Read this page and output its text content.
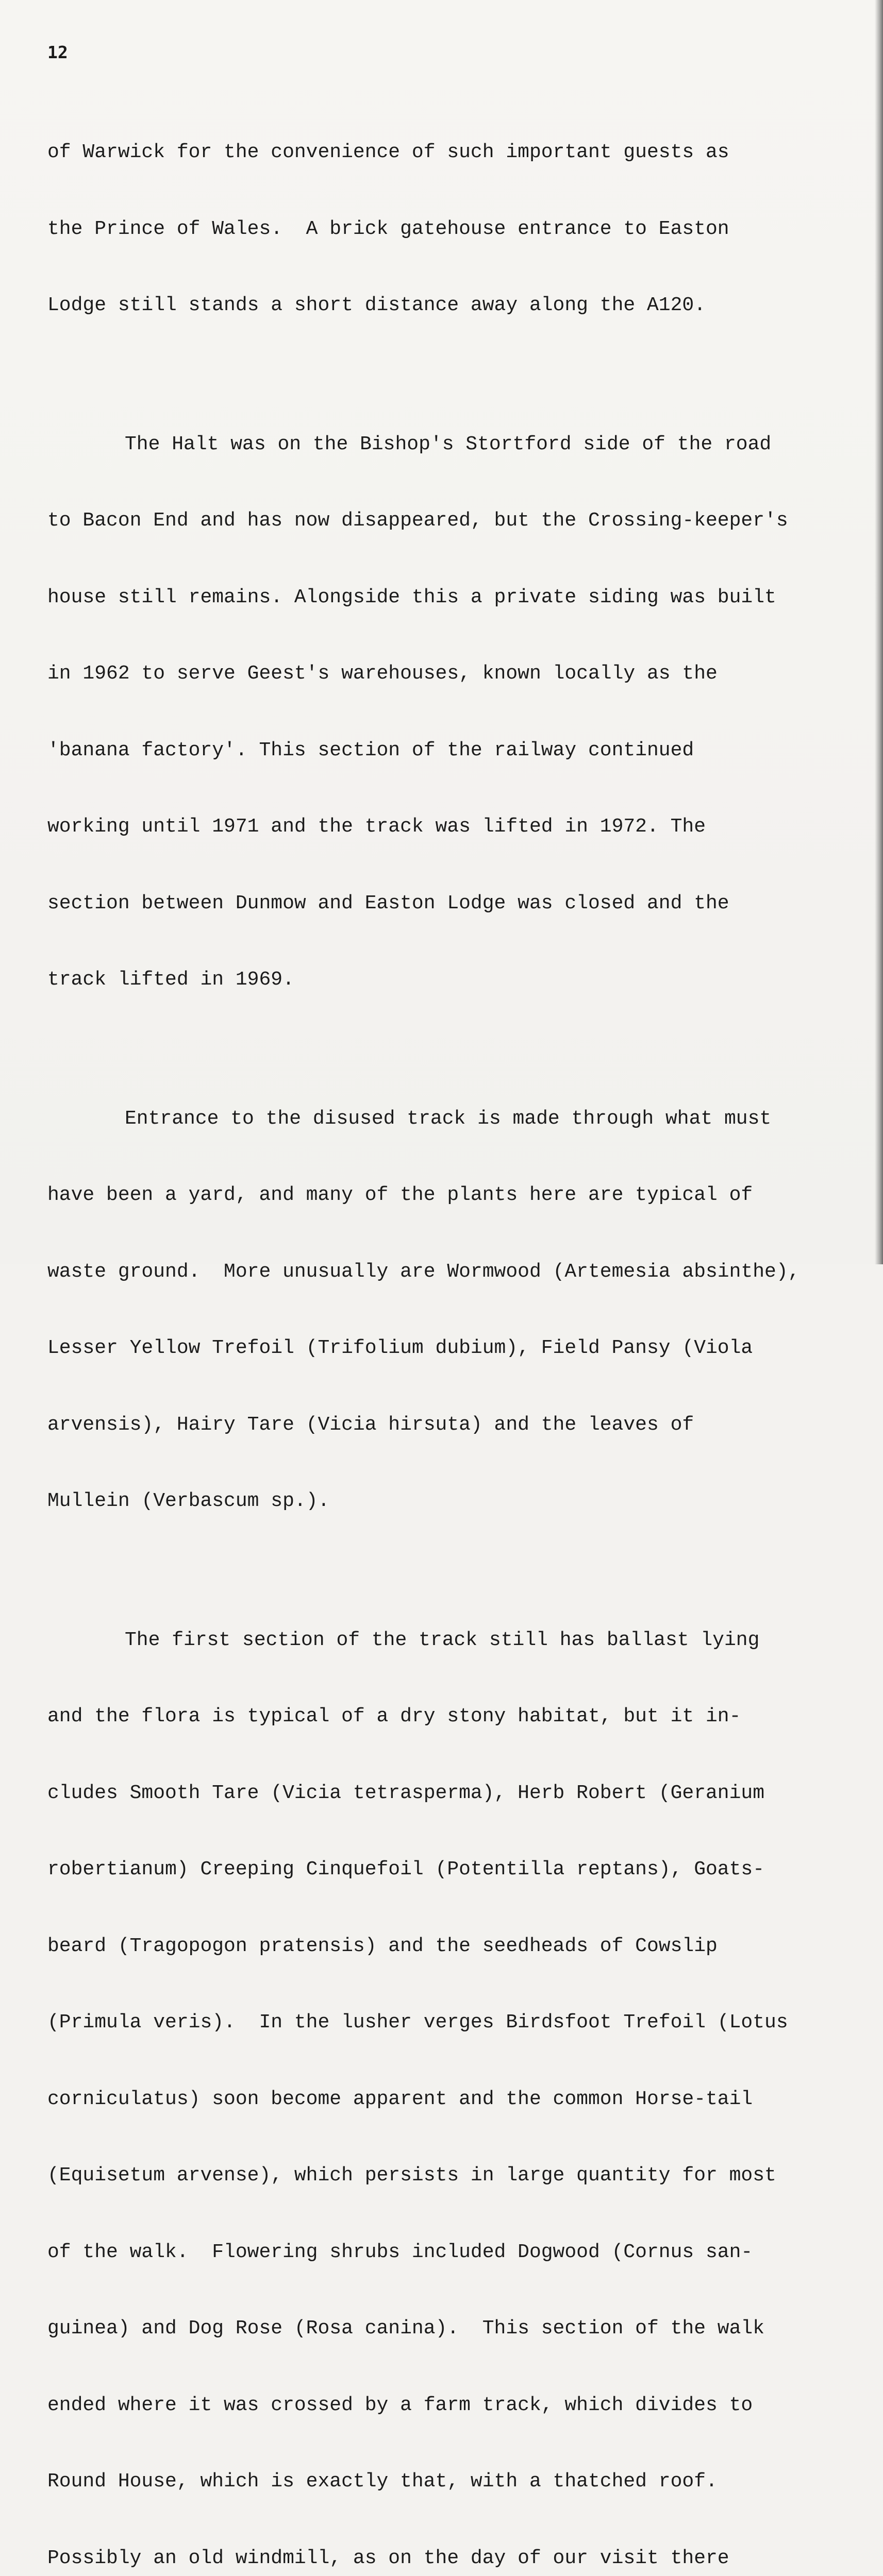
12

of Warwick for the convenience of such important guests as

the Prince of Wales.  A brick gatehouse entrance to Easton

Lodge still stands a short distance away along the A120.

The Halt was on the Bishop's Stortford side of the road

to Bacon End and has now disappeared, but the Crossing-keeper's

house still remains. Alongside this a private siding was built

in 1962 to serve Geest's warehouses, known locally as the

'banana factory'. This section of the railway continued

working until 1971 and the track was lifted in 1972. The

section between Dunmow and Easton Lodge was closed and the

track lifted in 1969.

Entrance to the disused track is made through what must

have been a yard, and many of the plants here are typical of

waste ground.  More unusually are Wormwood (Artemesia absinthe),

Lesser Yellow Trefoil (Trifolium dubium), Field Pansy (Viola

arvensis), Hairy Tare (Vicia hirsuta) and the leaves of

Mullein (Verbascum sp.).

The first section of the track still has ballast lying

and the flora is typical of a dry stony habitat, but it in-

cludes Smooth Tare (Vicia tetrasperma), Herb Robert (Geranium

robertianum) Creeping Cinquefoil (Potentilla reptans), Goats-

beard (Tragopogon pratensis) and the seedheads of Cowslip

(Primula veris).  In the lusher verges Birdsfoot Trefoil (Lotus

corniculatus) soon become apparent and the common Horse-tail

(Equisetum arvense), which persists in large quantity for most

of the walk.  Flowering shrubs included Dogwood (Cornus san-

guinea) and Dog Rose (Rosa canina).  This section of the walk

ended where it was crossed by a farm track, which divides to

Round House, which is exactly that, with a thatched roof.

Possibly an old windmill, as on the day of our visit there
